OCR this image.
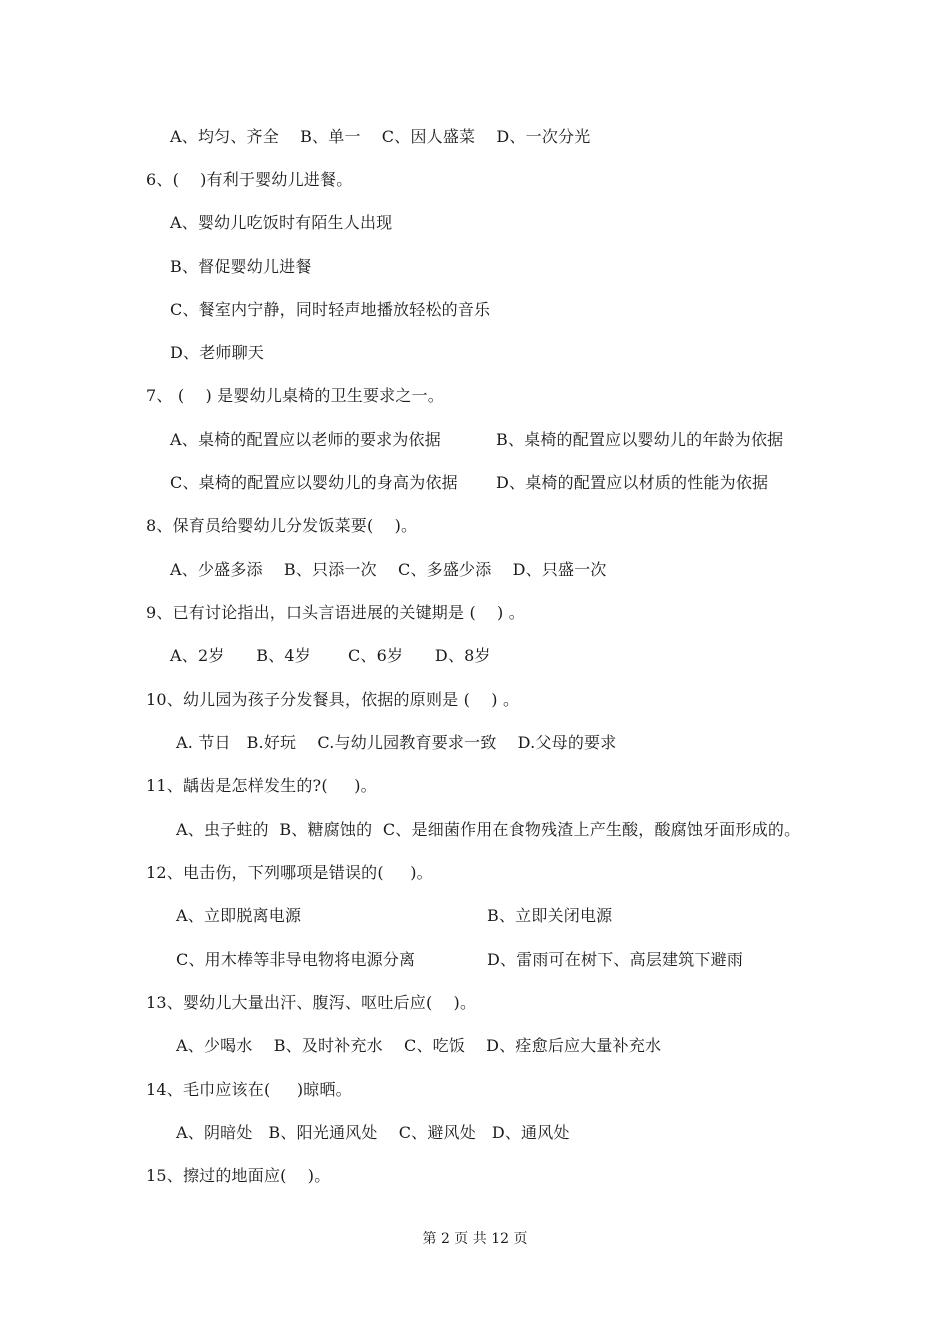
A、均匀、齐全    B、单一    C、因人盛菜    D、一次分光
6、(    )有利于婴幼儿进餐。
A、婴幼儿吃饭时有陌生人出现
B、督促婴幼儿进餐
C、餐室内宁静，同时轻声地播放轻松的音乐
D、老师聊天
7、 (    ) 是婴幼儿桌椅的卫生要求之一。
A、桌椅的配置应以老师的要求为依据	B、桌椅的配置应以婴幼儿的年龄为依据
C、桌椅的配置应以婴幼儿的身高为依据 D、桌椅的配置应以材质的性能为依据
8、保育员给婴幼儿分发饭菜要(    )。
A、少盛多添    B、只添一次    C、多盛少添    D、只盛一次
9、已有讨论指出，口头言语进展的关键期是 (    ) 。
A、2岁      B、4岁       C、6岁      D、8岁
10、幼儿园为孩子分发餐具，依据的原则是 (    ) 。
A. 节日   B.好玩    C.与幼儿园教育要求一致    D.父母的要求
11、龋齿是怎样发生的?(     )。
A、虫子蛀的  B、糖腐蚀的  C、是细菌作用在食物残渣上产生酸，酸腐蚀牙面形成的。
12、电击伤，下列哪项是错误的(     )。
A、立即脱离电源	B、立即关闭电源
C、用木棒等非导电物将电源分离	D、雷雨可在树下、高层建筑下避雨
13、婴幼儿大量出汗、腹泻、呕吐后应(    )。
A、少喝水    B、及时补充水    C、吃饭    D、痊愈后应大量补充水
14、毛巾应该在(     )晾晒。
A、阴暗处   B、阳光通风处    C、避风处   D、通风处
15、擦过的地面应(    )。
第 2 页 共 12 页
